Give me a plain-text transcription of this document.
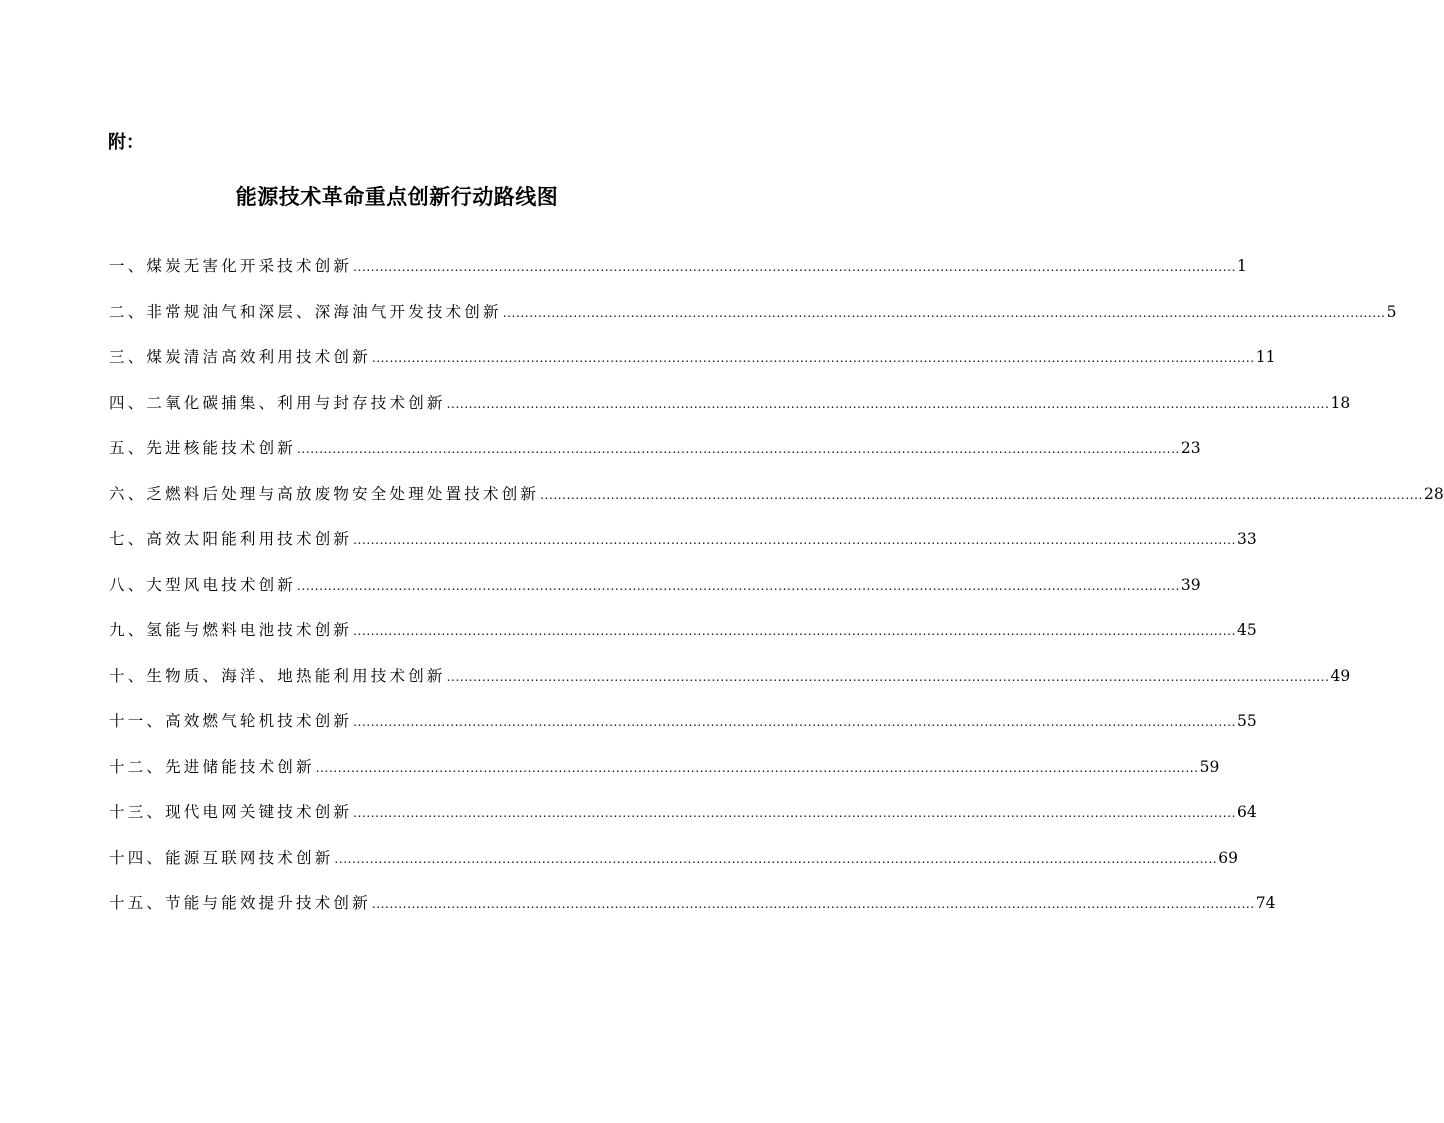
附：
能源技术革命重点创新行动路线图
一、煤炭无害化开采技术创新 ........................................................................................................................................................................................................ 1
二、非常规油气和深层、深海油气开发技术创新 ........................................................................................................................................................................................................ 5
三、煤炭清洁高效利用技术创新 ........................................................................................................................................................................................................ 11
四、二氧化碳捕集、利用与封存技术创新 ........................................................................................................................................................................................................ 18
五、先进核能技术创新 ........................................................................................................................................................................................................ 23
六、乏燃料后处理与高放废物安全处理处置技术创新 ........................................................................................................................................................................................................ 28
七、高效太阳能利用技术创新 ........................................................................................................................................................................................................ 33
八、大型风电技术创新 ........................................................................................................................................................................................................ 39
九、氢能与燃料电池技术创新 ........................................................................................................................................................................................................ 45
十、生物质、海洋、地热能利用技术创新 ........................................................................................................................................................................................................ 49
十一、高效燃气轮机技术创新 ........................................................................................................................................................................................................ 55
十二、先进储能技术创新 ........................................................................................................................................................................................................ 59
十三、现代电网关键技术创新 ........................................................................................................................................................................................................ 64
十四、能源互联网技术创新 ........................................................................................................................................................................................................ 69
十五、节能与能效提升技术创新 ........................................................................................................................................................................................................ 74
